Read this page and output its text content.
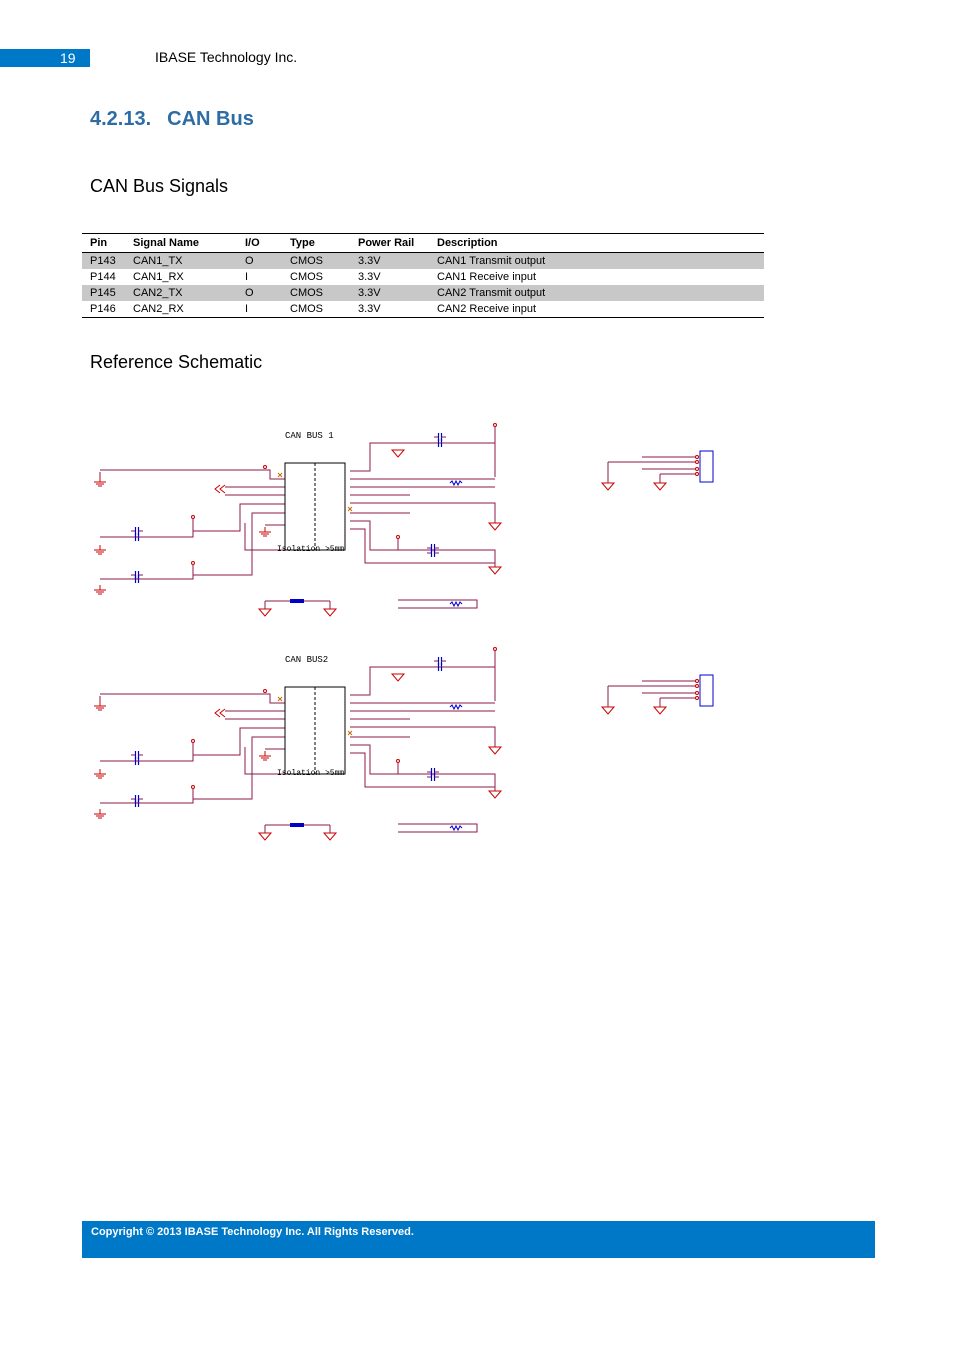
19	IBASE Technology Inc.
4.2.13. CAN Bus
CAN Bus Signals
Pin	Signal Name	I/O	Type	Power Rail	Description
P143	CAN1_TX	O	CMOS	3.3V	CAN1 Transmit output
P144	CAN1_RX	I	CMOS	3.3V	CAN1 Receive input
P145	CAN2_TX	O	CMOS	3.3V	CAN2 Transmit output
P146	CAN2_RX	I	CMOS	3.3V	CAN2 Receive input
Reference Schematic
CAN BUS 1
Isolation >5mm
CAN BUS2
Isolation >5mm
Copyright © 2013 IBASE Technology Inc. All Rights Reserved.
